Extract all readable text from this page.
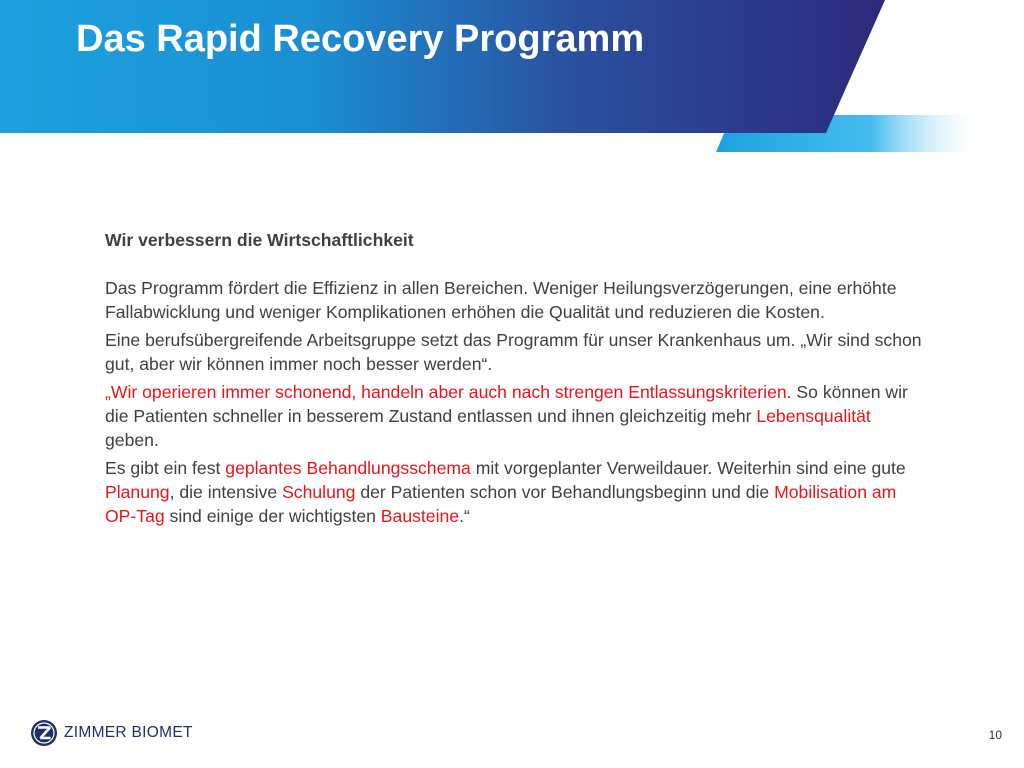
Das Rapid Recovery Programm

Wir verbessern die Wirtschaftlichkeit

Das Programm fördert die Effizienz in allen Bereichen. Weniger Heilungsverzögerungen, eine erhöhte Fallabwicklung und weniger Komplikationen erhöhen die Qualität und reduzieren die Kosten.

Eine berufsübergreifende Arbeitsgruppe setzt das Programm für unser Krankenhaus um. „Wir sind schon gut, aber wir können immer noch besser werden“.

„Wir operieren immer schonend, handeln aber auch nach strengen Entlassungskriterien. So können wir die Patienten schneller in besserem Zustand entlassen und ihnen gleichzeitig mehr Lebensqualität geben.

Es gibt ein fest geplantes Behandlungsschema mit vorgeplanter Verweildauer. Weiterhin sind eine gute Planung, die intensive Schulung der Patienten schon vor Behandlungsbeginn und die Mobilisation am OP-Tag sind einige der wichtigsten Bausteine.“

ZIMMER BIOMET	10
